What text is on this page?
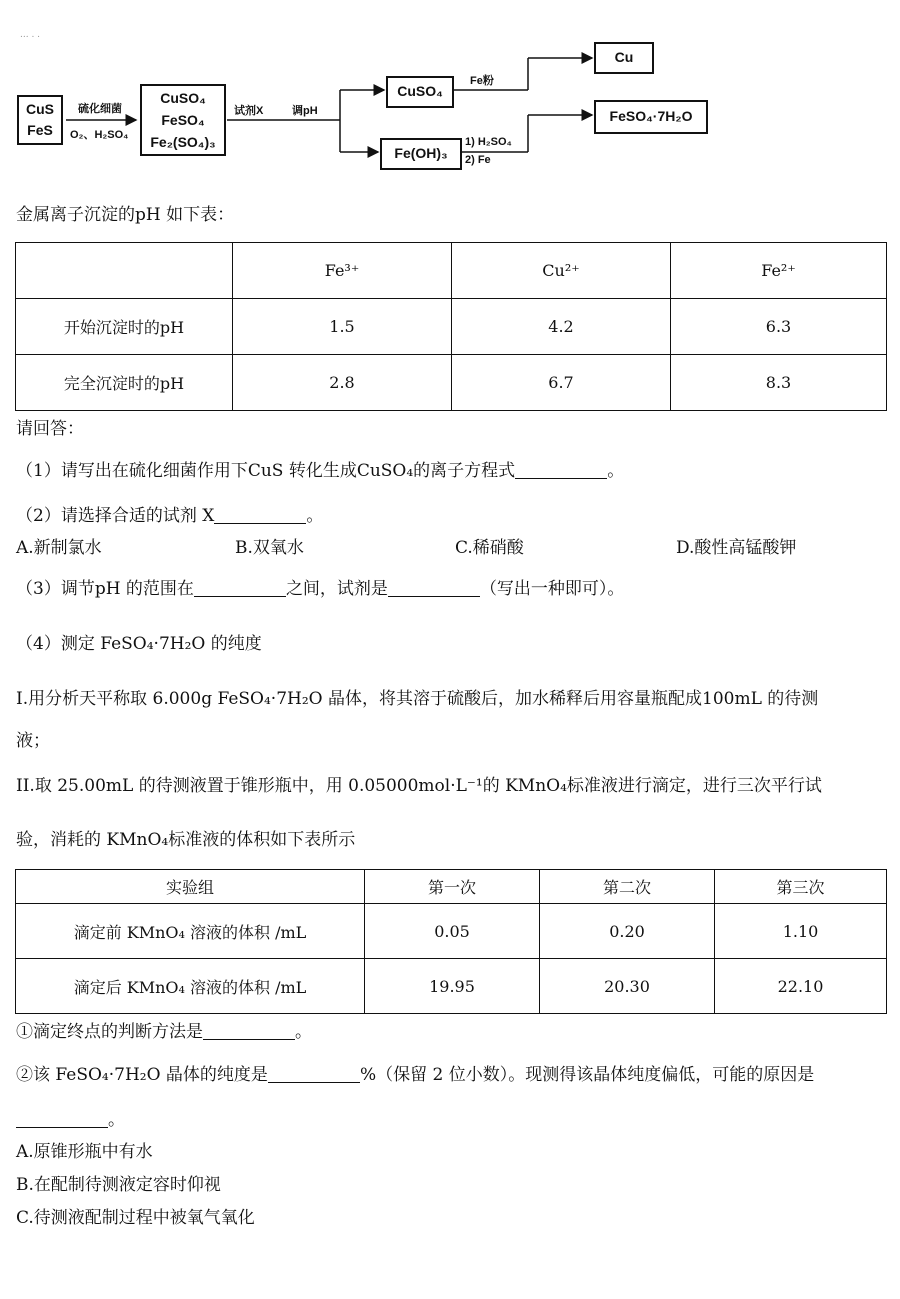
... . .
CuS
FeS
硫化细菌
O₂、H₂SO₄
CuSO₄
FeSO₄
Fe₂(SO₄)₃
试剂X	调pH
CuSO₄
Fe粉
Cu
Fe(OH)₃
1) H₂SO₄
2) Fe
FeSO₄·7H₂O
金属离子沉淀的pH 如下表：
	Fe³⁺	Cu²⁺	Fe²⁺
开始沉淀时的pH	1.5	4.2	6.3
完全沉淀时的pH	2.8	6.7	8.3
请回答：
（1）请写出在硫化细菌作用下CuS 转化生成CuSO₄的离子方程式	。
（2）请选择合适的试剂 X	。
A.新制氯水	B.双氧水	C.稀硝酸	D.酸性高锰酸钾
（3）调节pH 的范围在	之间，试剂是	（写出一种即可）。
（4）测定 FeSO₄·7H₂O 的纯度
I.用分析天平称取 6.000g FeSO₄·7H₂O 晶体，将其溶于硫酸后，加水稀释后用容量瓶配成100mL 的待测
液；
II.取 25.00mL 的待测液置于锥形瓶中，用 0.05000mol·L⁻¹的 KMnO₄标准液进行滴定，进行三次平行试
验，消耗的 KMnO₄标准液的体积如下表所示
实验组	第一次	第二次	第三次
滴定前 KMnO₄ 溶液的体积 /mL	0.05	0.20	1.10
滴定后 KMnO₄ 溶液的体积 /mL	19.95	20.30	22.10
①滴定终点的判断方法是	。
②该 FeSO₄·7H₂O 晶体的纯度是	%（保留 2 位小数）。现测得该晶体纯度偏低，可能的原因是
。
A.原锥形瓶中有水
B.在配制待测液定容时仰视
C.待测液配制过程中被氧气氧化
